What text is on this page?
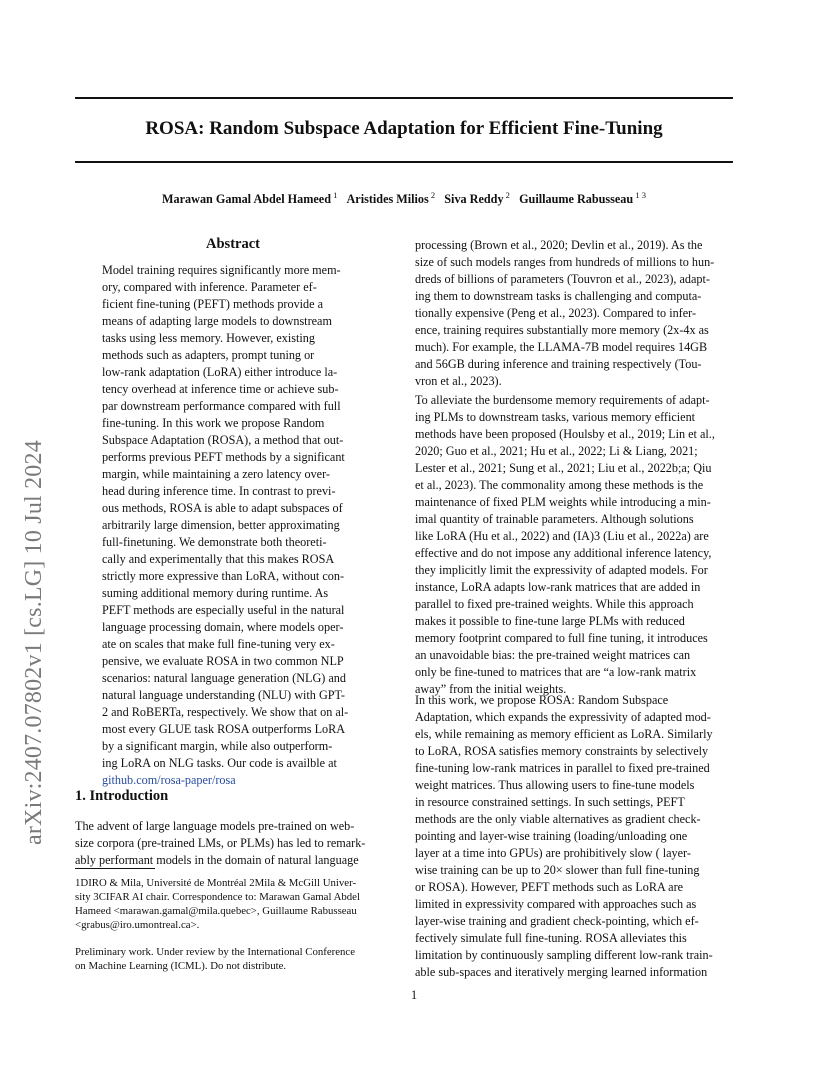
ROSA: Random Subspace Adaptation for Efficient Fine-Tuning
Marawan Gamal Abdel Hameed $^1$ Aristides Milios $^2$ Siva Reddy $^2$ Guillaume Rabusseau $^{1 3}$
arXiv:2407.07802v1 [cs.LG] 10 Jul 2024
Abstract
Model training requires significantly more mem-
ory, compared with inference. Parameter ef-
ficient fine-tuning (PEFT) methods provide a
means of adapting large models to downstream
tasks using less memory. However, existing
methods such as adapters, prompt tuning or
low-rank adaptation (LoRA) either introduce la-
tency overhead at inference time or achieve sub-
par downstream performance compared with full
fine-tuning. In this work we propose Random
Subspace Adaptation (ROSA), a method that out-
performs previous PEFT methods by a significant
margin, while maintaining a zero latency over-
head during inference time. In contrast to previ-
ous methods, ROSA is able to adapt subspaces of
arbitrarily large dimension, better approximating
full-finetuning. We demonstrate both theoreti-
cally and experimentally that this makes ROSA
strictly more expressive than LoRA, without con-
suming additional memory during runtime. As
PEFT methods are especially useful in the natural
language processing domain, where models oper-
ate on scales that make full fine-tuning very ex-
pensive, we evaluate ROSA in two common NLP
scenarios: natural language generation (NLG) and
natural language understanding (NLU) with GPT-
2 and RoBERTa, respectively. We show that on al-
most every GLUE task ROSA outperforms LoRA
by a significant margin, while also outperform-
ing LoRA on NLG tasks. Our code is availble at
github.com/rosa-paper/rosa
1. Introduction
The advent of large language models pre-trained on web-
size corpora (pre-trained LMs, or PLMs) has led to remark-
ably performant models in the domain of natural language
1DIRO & Mila, Université de Montréal 2Mila & McGill Univer-
sity 3CIFAR AI chair. Correspondence to: Marawan Gamal Abdel
Hameed <marawan.gamal@mila.quebec>, Guillaume Rabusseau
<grabus@iro.umontreal.ca>.
Preliminary work. Under review by the International Conference
on Machine Learning (ICML). Do not distribute.
processing (Brown et al., 2020; Devlin et al., 2019). As the
size of such models ranges from hundreds of millions to hun-
dreds of billions of parameters (Touvron et al., 2023), adapt-
ing them to downstream tasks is challenging and computa-
tionally expensive (Peng et al., 2023). Compared to infer-
ence, training requires substantially more memory (2x-4x as
much). For example, the LLAMA-7B model requires 14GB
and 56GB during inference and training respectively (Tou-
vron et al., 2023).
To alleviate the burdensome memory requirements of adapt-
ing PLMs to downstream tasks, various memory efficient
methods have been proposed (Houlsby et al., 2019; Lin et al.,
2020; Guo et al., 2021; Hu et al., 2022; Li & Liang, 2021;
Lester et al., 2021; Sung et al., 2021; Liu et al., 2022b;a; Qiu
et al., 2023). The commonality among these methods is the
maintenance of fixed PLM weights while introducing a min-
imal quantity of trainable parameters. Although solutions
like LoRA (Hu et al., 2022) and (IA)3 (Liu et al., 2022a) are
effective and do not impose any additional inference latency,
they implicitly limit the expressivity of adapted models. For
instance, LoRA adapts low-rank matrices that are added in
parallel to fixed pre-trained weights. While this approach
makes it possible to fine-tune large PLMs with reduced
memory footprint compared to full fine tuning, it introduces
an unavoidable bias: the pre-trained weight matrices can
only be fine-tuned to matrices that are “a low-rank matrix
away” from the initial weights.
In this work, we propose ROSA: Random Subspace
Adaptation, which expands the expressivity of adapted mod-
els, while remaining as memory efficient as LoRA. Similarly
to LoRA, ROSA satisfies memory constraints by selectively
fine-tuning low-rank matrices in parallel to fixed pre-trained
weight matrices. Thus allowing users to fine-tune models
in resource constrained settings. In such settings, PEFT
methods are the only viable alternatives as gradient check-
pointing and layer-wise training (loading/unloading one
layer at a time into GPUs) are prohibitively slow ( layer-
wise training can be up to 20× slower than full fine-tuning
or ROSA). However, PEFT methods such as LoRA are
limited in expressivity compared with approaches such as
layer-wise training and gradient check-pointing, which ef-
fectively simulate full fine-tuning. ROSA alleviates this
limitation by continuously sampling different low-rank train-
able sub-spaces and iteratively merging learned information
1
